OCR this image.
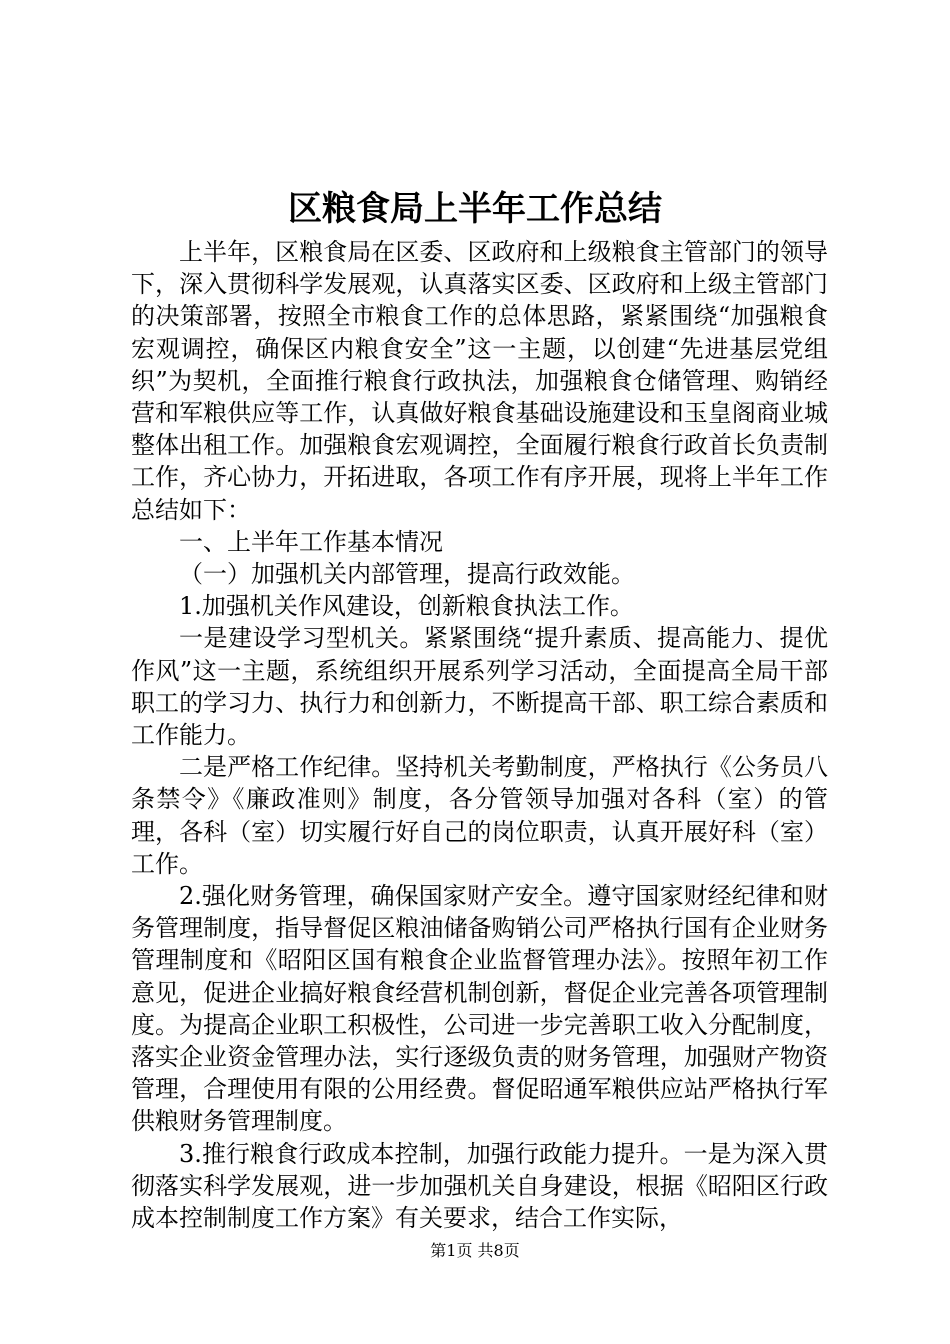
区粮食局上半年工作总结

上半年，区粮食局在区委、区政府和上级粮食主管部门的领导下，深入贯彻科学发展观，认真落实区委、区政府和上级主管部门的决策部署，按照全市粮食工作的总体思路，紧紧围绕“加强粮食宏观调控，确保区内粮食安全”这一主题，以创建“先进基层党组织”为契机，全面推行粮食行政执法，加强粮食仓储管理、购销经营和军粮供应等工作，认真做好粮食基础设施建设和玉皇阁商业城整体出租工作。加强粮食宏观调控，全面履行粮食行政首长负责制工作，齐心协力，开拓进取，各项工作有序开展，现将上半年工作总结如下：

一、上半年工作基本情况

（一）加强机关内部管理，提高行政效能。

1.加强机关作风建设，创新粮食执法工作。

一是建设学习型机关。紧紧围绕“提升素质、提高能力、提优作风”这一主题，系统组织开展系列学习活动，全面提高全局干部职工的学习力、执行力和创新力，不断提高干部、职工综合素质和工作能力。

二是严格工作纪律。坚持机关考勤制度，严格执行《公务员八条禁令》《廉政准则》制度，各分管领导加强对各科（室）的管理，各科（室）切实履行好自己的岗位职责，认真开展好科（室）工作。

2.强化财务管理，确保国家财产安全。遵守国家财经纪律和财务管理制度，指导督促区粮油储备购销公司严格执行国有企业财务管理制度和《昭阳区国有粮食企业监督管理办法》。按照年初工作意见，促进企业搞好粮食经营机制创新，督促企业完善各项管理制度。为提高企业职工积极性，公司进一步完善职工收入分配制度，落实企业资金管理办法，实行逐级负责的财务管理，加强财产物资管理，合理使用有限的公用经费。督促昭通军粮供应站严格执行军供粮财务管理制度。

3.推行粮食行政成本控制，加强行政能力提升。一是为深入贯彻落实科学发展观，进一步加强机关自身建设，根据《昭阳区行政成本控制制度工作方案》有关要求，结合工作实际，

第1页 共8页
